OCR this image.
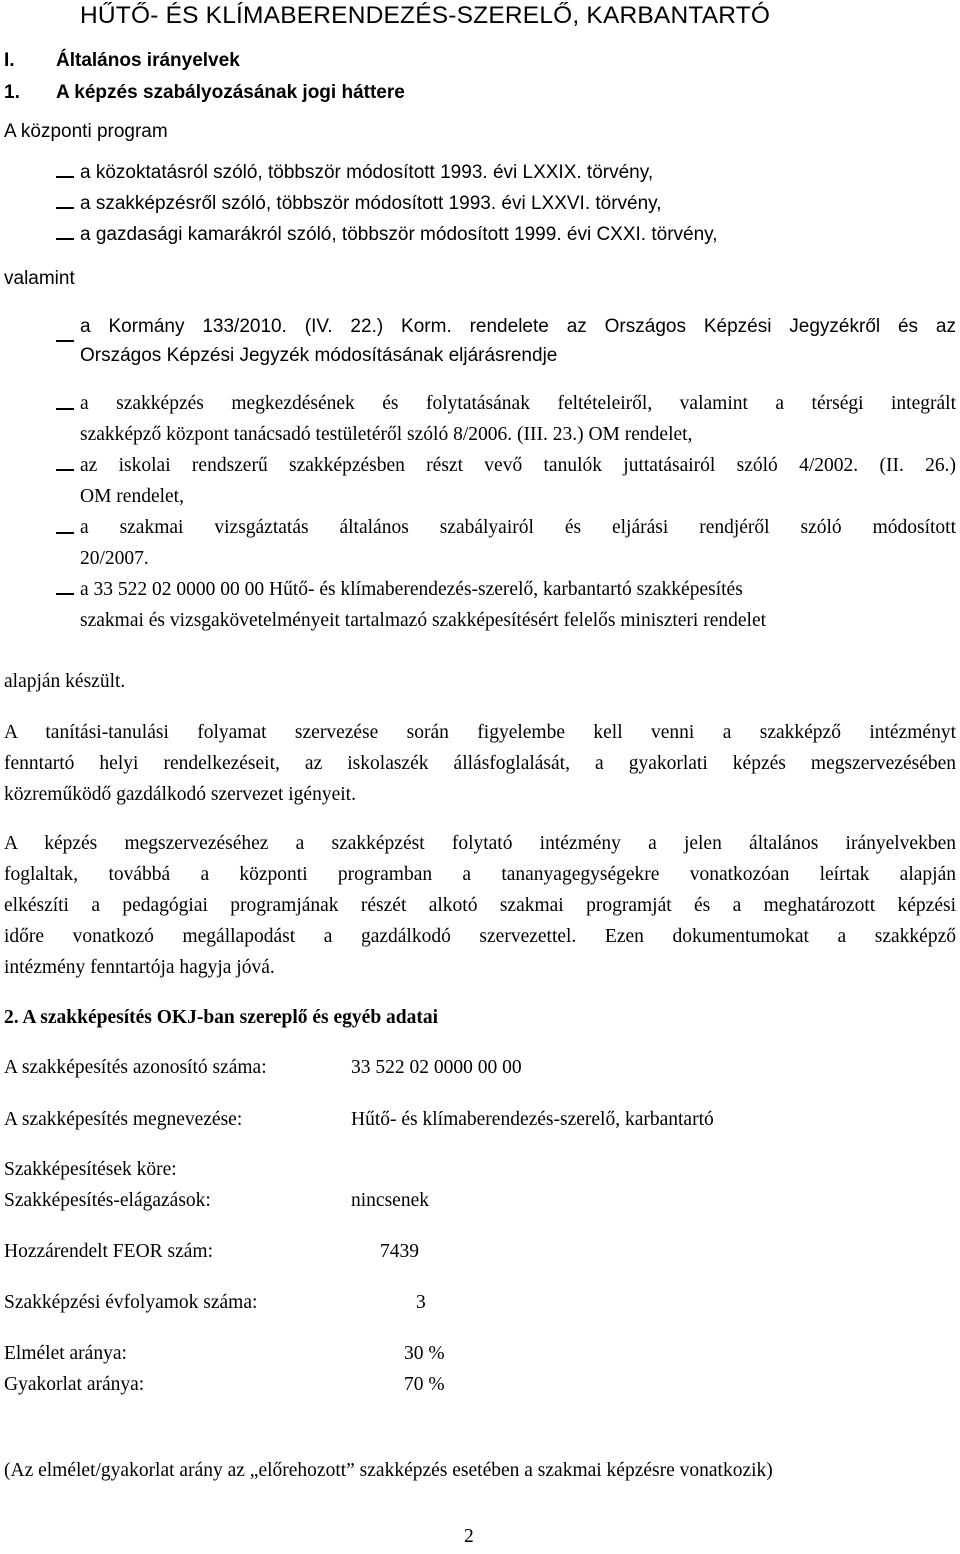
HŰTŐ- ÉS KLÍMABERENDEZÉS-SZERELŐ, KARBANTARTÓ
I. Általános irányelvek
1. A képzés szabályozásának jogi háttere
A központi program
a közoktatásról szóló, többször módosított 1993. évi LXXIX. törvény,
a szakképzésről szóló, többször módosított 1993. évi LXXVI. törvény,
a gazdasági kamarákról szóló, többször módosított 1999. évi CXXI. törvény,
valamint
a Kormány 133/2010. (IV. 22.) Korm. rendelete az Országos Képzési Jegyzékről és az
Országos Képzési Jegyzék módosításának eljárásrendje
a szakképzés megkezdésének és folytatásának feltételeiről, valamint a térségi integrált
szakképző központ tanácsadó testületéről szóló 8/2006. (III. 23.) OM rendelet,
az iskolai rendszerű szakképzésben részt vevő tanulók juttatásairól szóló 4/2002. (II. 26.)
OM rendelet,
a szakmai vizsgáztatás általános szabályairól és eljárási rendjéről szóló módosított
20/2007.
a 33 522 02 0000 00 00 Hűtő- és klímaberendezés-szerelő, karbantartó szakképesítés
szakmai és vizsgakövetelményeit tartalmazó szakképesítésért felelős miniszteri rendelet
alapján készült.
A tanítási-tanulási folyamat szervezése során figyelembe kell venni a szakképző intézményt
fenntartó helyi rendelkezéseit, az iskolaszék állásfoglalását, a gyakorlati képzés megszervezésében
közreműködő gazdálkodó szervezet igényeit.
A képzés megszervezéséhez a szakképzést folytató intézmény a jelen általános irányelvekben
foglaltak, továbbá a központi programban a tananyagegységekre vonatkozóan leírtak alapján
elkészíti a pedagógiai programjának részét alkotó szakmai programját és a meghatározott képzési
időre vonatkozó megállapodást a gazdálkodó szervezettel. Ezen dokumentumokat a szakképző
intézmény fenntartója hagyja jóvá.
2. A szakképesítés OKJ-ban szereplő és egyéb adatai
A szakképesítés azonosító száma:	33 522 02 0000 00 00
A szakképesítés megnevezése:	Hűtő- és klímaberendezés-szerelő, karbantartó
Szakképesítések köre:
Szakképesítés-elágazások:	nincsenek
Hozzárendelt FEOR szám:	7439
Szakképzési évfolyamok száma:	3
Elmélet aránya:	30 %
Gyakorlat aránya:	70 %
(Az elmélet/gyakorlat arány az „előrehozott” szakképzés esetében a szakmai képzésre vonatkozik)
2
